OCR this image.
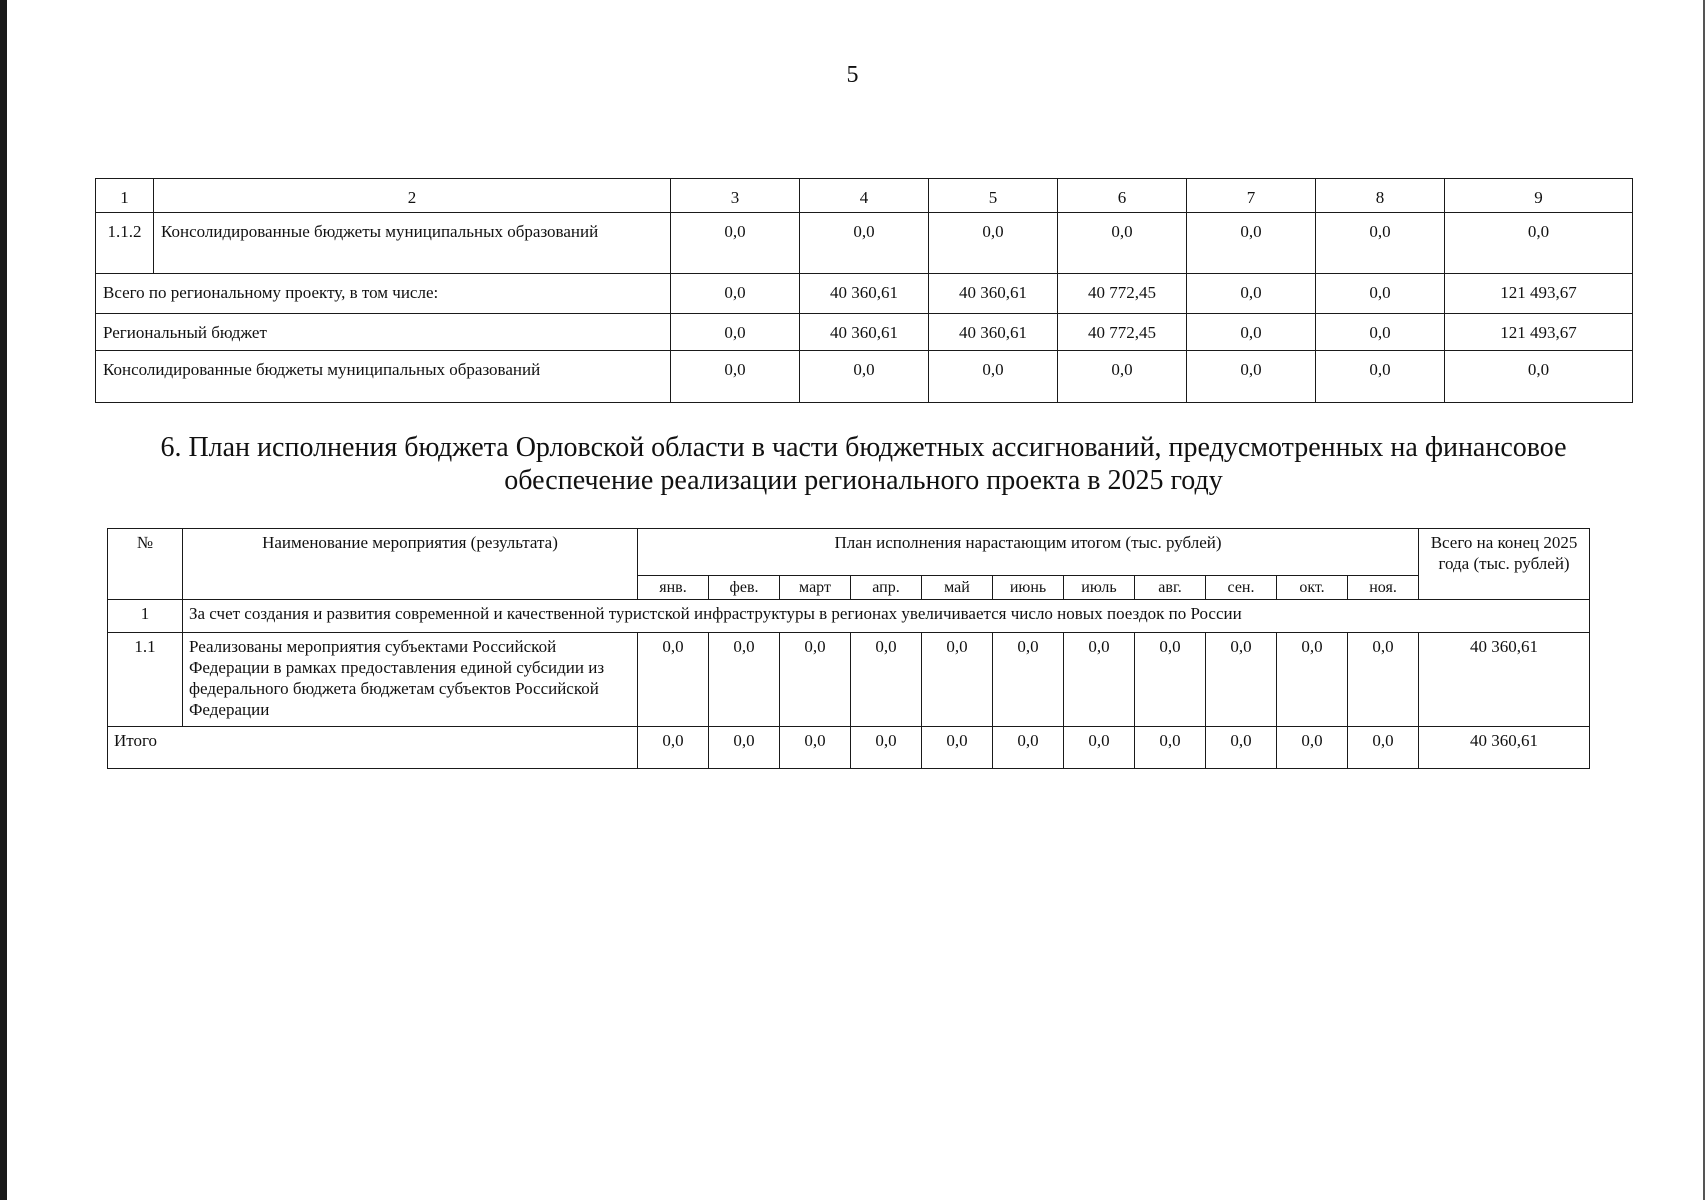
5
1	2	3	4	5	6	7	8	9
1.1.2	Консолидированные бюджеты муниципальных образований	0,0	0,0	0,0	0,0	0,0	0,0	0,0
Всего по региональному проекту, в том числе:		0,0	40 360,61	40 360,61	40 772,45	0,0	0,0	121 493,67
Региональный бюджет		0,0	40 360,61	40 360,61	40 772,45	0,0	0,0	121 493,67
Консолидированные бюджеты муниципальных образований		0,0	0,0	0,0	0,0	0,0	0,0	0,0
6. План исполнения бюджета Орловской области в части бюджетных ассигнований, предусмотренных на финансовое обеспечение реализации регионального проекта в 2025 году
№	Наименование мероприятия (результата)	План исполнения нарастающим итогом (тыс. рублей)											Всего на конец 2025 года (тыс. рублей)
		янв.	фев.	март	апр.	май	июнь	июль	авг.	сен.	окт.	ноя.	
1	За счет создания и развития современной и качественной туристской инфраструктуры в регионах увеличивается число новых поездок по России												
1.1	Реализованы мероприятия субъектами Российской Федерации в рамках предоставления единой субсидии из федерального бюджета бюджетам субъектов Российской Федерации	0,0	0,0	0,0	0,0	0,0	0,0	0,0	0,0	0,0	0,0	0,0	40 360,61
Итого		0,0	0,0	0,0	0,0	0,0	0,0	0,0	0,0	0,0	0,0	0,0	40 360,61
